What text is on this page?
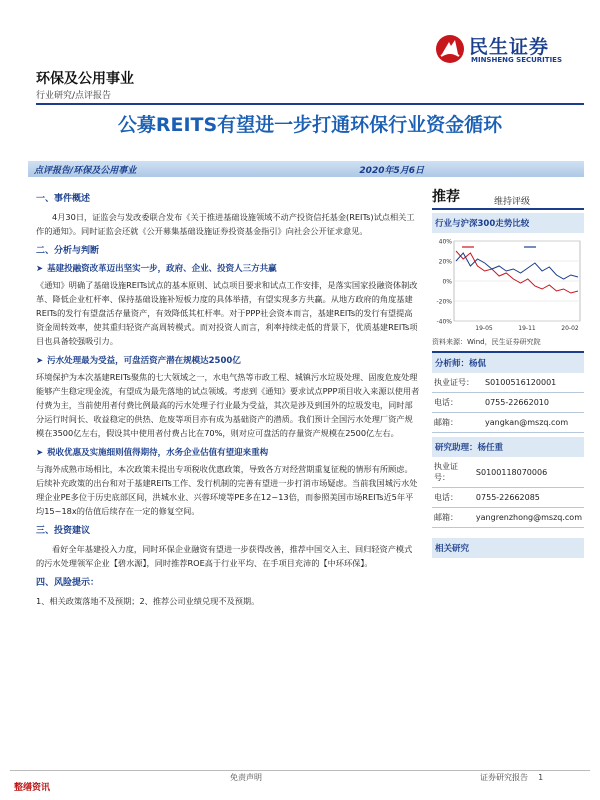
民生证券
MINSHENG SECURITIES
环保及公用事业
行业研究/点评报告
公募REITS有望进一步打通环保行业资金循环
点评报告/环保及公用事业	2020年5月6日
一、事件概述
4月30日，证监会与发改委联合发布《关于推进基础设施领域不动产投资信托基金(REITs)试点相关工作的通知》。同时证监会还就《公开募集基础设施证券投资基金指引》向社会公开征求意见。
二、分析与判断
➤ 基建投融资改革迈出坚实一步，政府、企业、投资人三方共赢
《通知》明确了基础设施REITs试点的基本原则、试点项目要求和试点工作安排，是落实国家投融资体制改革、降低企业杠杆率、保持基础设施补短板力度的具体举措，有望实现多方共赢。从地方政府的角度基建REITs的发行有望盘活存量资产，有效降低其杠杆率。对于PPP社会资本而言，基建REITs的发行有望提高资金周转效率，使其重归轻资产高周转模式。而对投资人而言，利率持续走低的背景下，优质基建REITs项目也具备较强吸引力。
➤ 污水处理最为受益，可盘活资产潜在规模达2500亿
环境保护为本次基建REITs聚焦的七大领域之一，水电气热等市政工程、城镇污水垃圾处理、固废危废处理能够产生稳定现金流，有望成为最先落地的试点领域。考虑到《通知》要求试点PPP项目收入来源以使用者付费为主，当前使用者付费比例最高的污水处理子行业最为受益，其次是涉及到国外的垃圾发电，同时部分运行时间长、收益稳定的供热、危废等项目亦有成为基础资产的潜质。我们预计全国污水处理厂资产规模在3500亿左右，假设其中使用者付费占比在70%，则对应可盘活的存量资产规模在2500亿左右。
➤ 税收优惠及实施细则值得期待，水务企业估值有望迎来重构
与海外成熟市场相比，本次政策未提出专项税收优惠政策，导致各方对经营期重复征税的情形有所顾虑。后续补充政策的出台和对于基建REITs工作、发行机制的完善有望进一步打消市场疑虑。当前我国城污水处理企业PE多位于历史底部区间，洪城水业、兴蓉环境等PE多在12~13倍，而参照美国市场REITs近5年平均15~18x的估值后续存在一定的修复空间。
三、投资建议
看好全年基建投入力度，同时环保企业融资有望进一步获得改善，推荐中国交入主、回归轻资产模式的污水处理领军企业【碧水源】，同时推荐ROE高于行业平均、在手项目充沛的【中环环保】。
四、风险提示：
1、相关政策落地不及预期；2、推荐公司业绩兑现不及预期。
推荐	维持评级
行业与沪深300走势比较
40%
20%
0%
-20%
-40%
19-05	19-11	20-02
资料来源：Wind，民生证券研究院
分析师：杨侃
执业证号：	S0100516120001
电话：	0755-22662010
邮箱：	yangkan@mszq.com
研究助理：杨任重
执业证号：	S0100118070006
电话：	0755-22662085
邮箱：	yangrenzhong@mszq.com
相关研究
整缮资讯
免责声明	证券研究报告 1
